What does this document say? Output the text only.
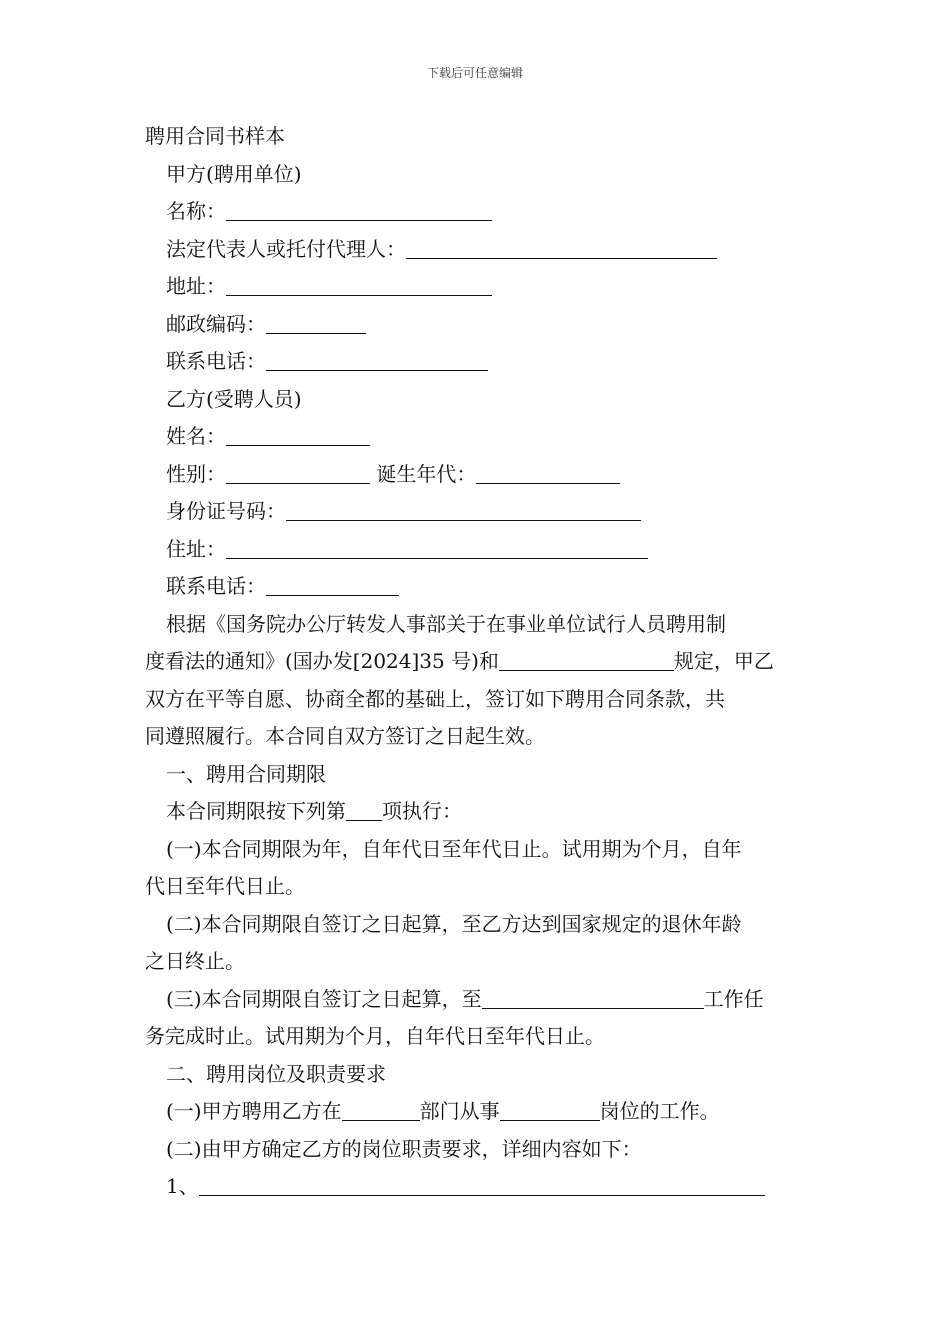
下载后可任意编辑
聘用合同书样本
甲方(聘用单位)
名称：
法定代表人或托付代理人：
地址：
邮政编码：
联系电话：
乙方(受聘人员)
姓名：
性别：	诞生年代：
身份证号码：
住址：
联系电话：
根据《国务院办公厅转发人事部关于在事业单位试行人员聘用制
度看法的通知》(国办发[2024]35 号)和	规定，甲乙
双方在平等自愿、协商全都的基础上，签订如下聘用合同条款，共
同遵照履行。本合同自双方签订之日起生效。
一、聘用合同期限
本合同期限按下列第 项执行：
(一)本合同期限为年，自年代日至年代日止。试用期为个月，自年
代日至年代日止。
(二)本合同期限自签订之日起算，至乙方达到国家规定的退休年龄
之日终止。
(三)本合同期限自签订之日起算，至	工作任
务完成时止。试用期为个月，自年代日至年代日止。
二、聘用岗位及职责要求
(一)甲方聘用乙方在	部门从事	岗位的工作。
(二)由甲方确定乙方的岗位职责要求，详细内容如下：
1、
